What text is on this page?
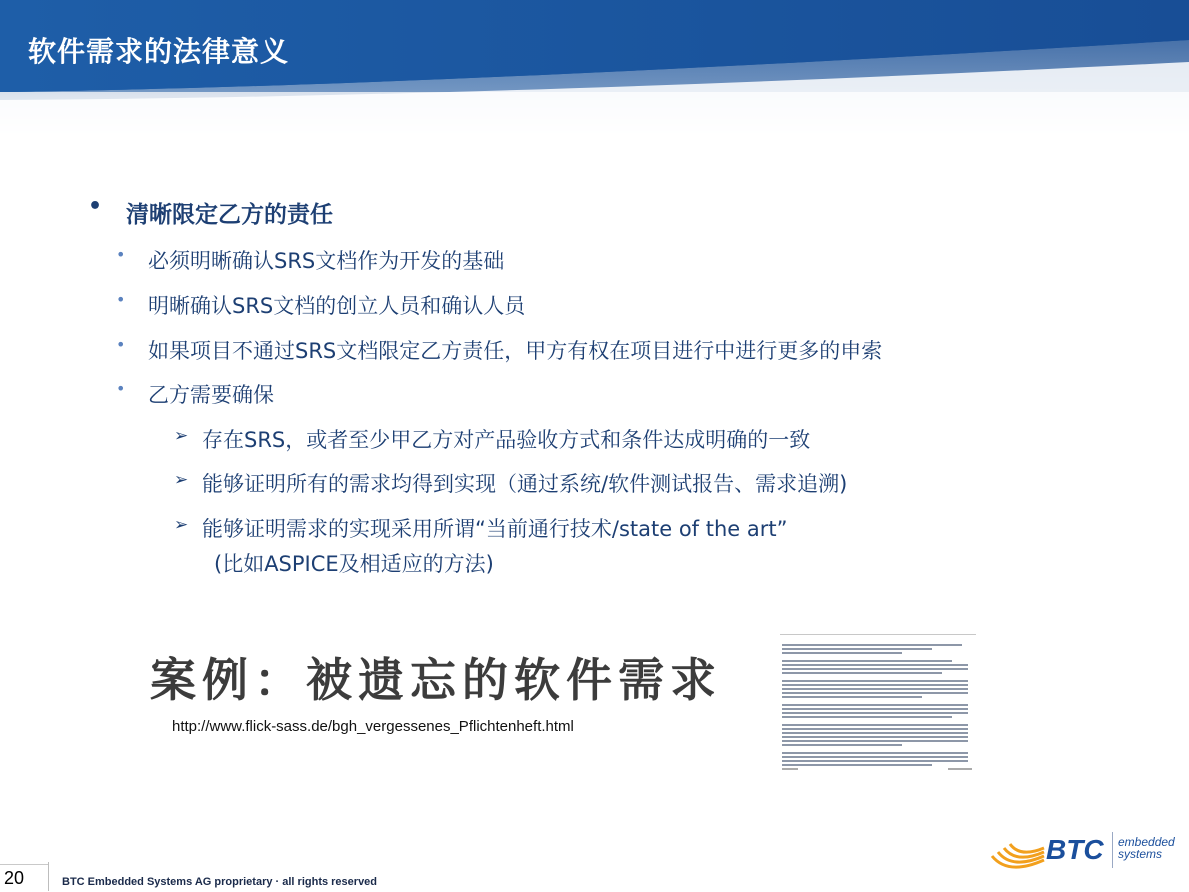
软件需求的法律意义
• 清晰限定乙方的责任
• 必须明晰确认SRS文档作为开发的基础
• 明晰确认SRS文档的创立人员和确认人员
• 如果项目不通过SRS文档限定乙方责任，甲方有权在项目进行中进行更多的申索
• 乙方需要确保
➢ 存在SRS，或者至少甲乙方对产品验收方式和条件达成明确的一致
➢ 能够证明所有的需求均得到实现（通过系统/软件测试报告、需求追溯)
➢ 能够证明需求的实现采用所谓“当前通行技术/state of the art”
(比如ASPICE及相适应的方法)
案例：被遗忘的软件需求
http://www.flick-sass.de/bgh_vergessenes_Pflichtenheft.html
20	BTC Embedded Systems AG proprietary · all rights reserved
BTC embedded
systems
